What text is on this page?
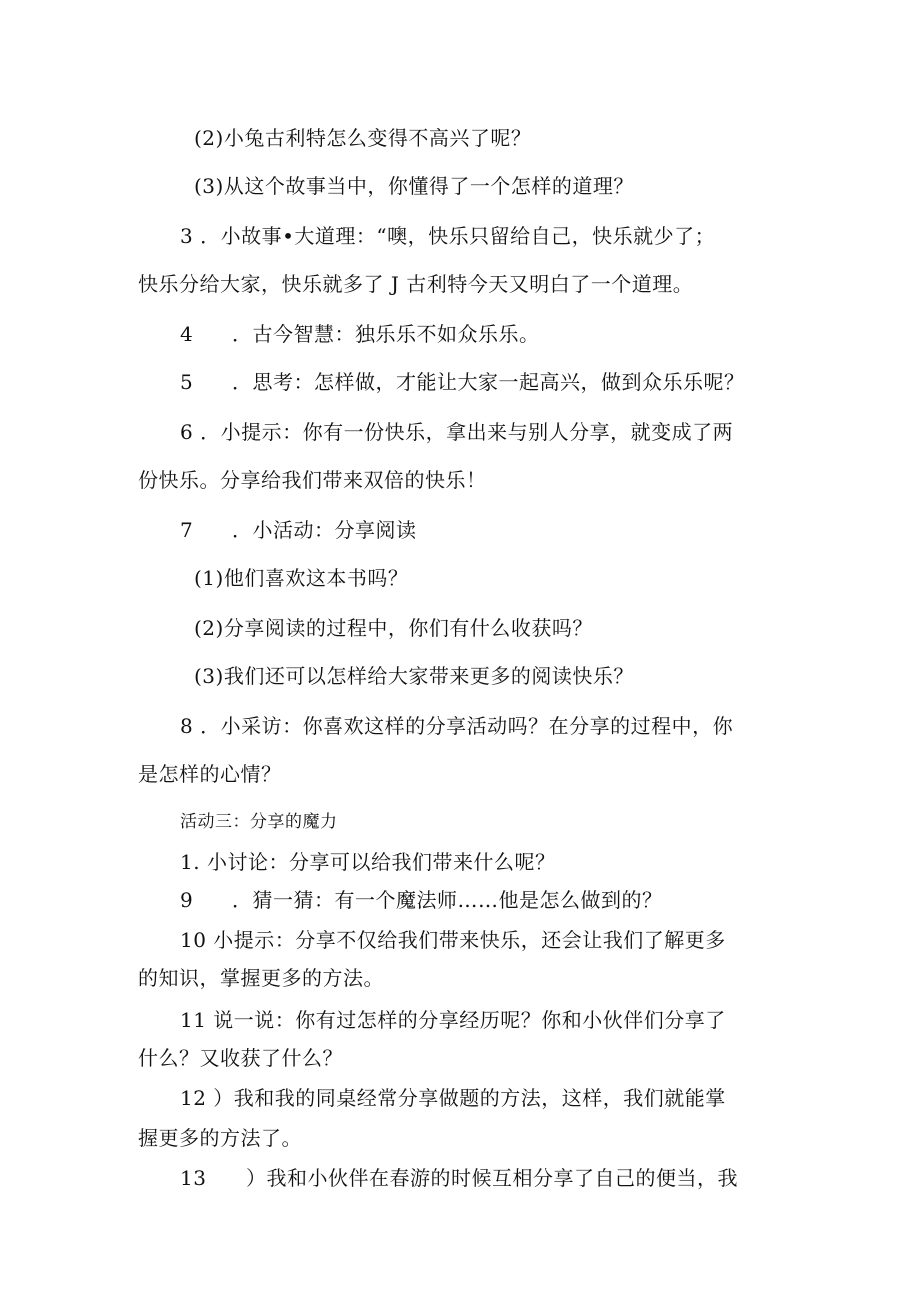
(2)小兔古利特怎么变得不高兴了呢？
(3)从这个故事当中，你懂得了一个怎样的道理？
3 ．小故事•大道理：“噢，快乐只留给自己，快乐就少了；
快乐分给大家，快乐就多了 J 古利特今天又明白了一个道理。
4 ．古今智慧：独乐乐不如众乐乐。
5 ．思考：怎样做，才能让大家一起高兴，做到众乐乐呢？
6 ．小提示：你有一份快乐，拿出来与别人分享，就变成了两
份快乐。分享给我们带来双倍的快乐！
7 ．小活动：分享阅读
(1)他们喜欢这本书吗？
(2)分享阅读的过程中，你们有什么收获吗？
(3)我们还可以怎样给大家带来更多的阅读快乐？
8 ．小采访：你喜欢这样的分享活动吗？在分享的过程中，你
是怎样的心情？
活动三：分享的魔力
1. 小讨论：分享可以给我们带来什么呢？
9 ．猜一猜：有一个魔法师……他是怎么做到的？
10 小提示：分享不仅给我们带来快乐，还会让我们了解更多
的知识，掌握更多的方法。
11 说一说：你有过怎样的分享经历呢？你和小伙伴们分享了
什么？又收获了什么？
12 ）我和我的同桌经常分享做题的方法，这样，我们就能掌
握更多的方法了。
13 ）我和小伙伴在春游的时候互相分享了自己的便当，我
